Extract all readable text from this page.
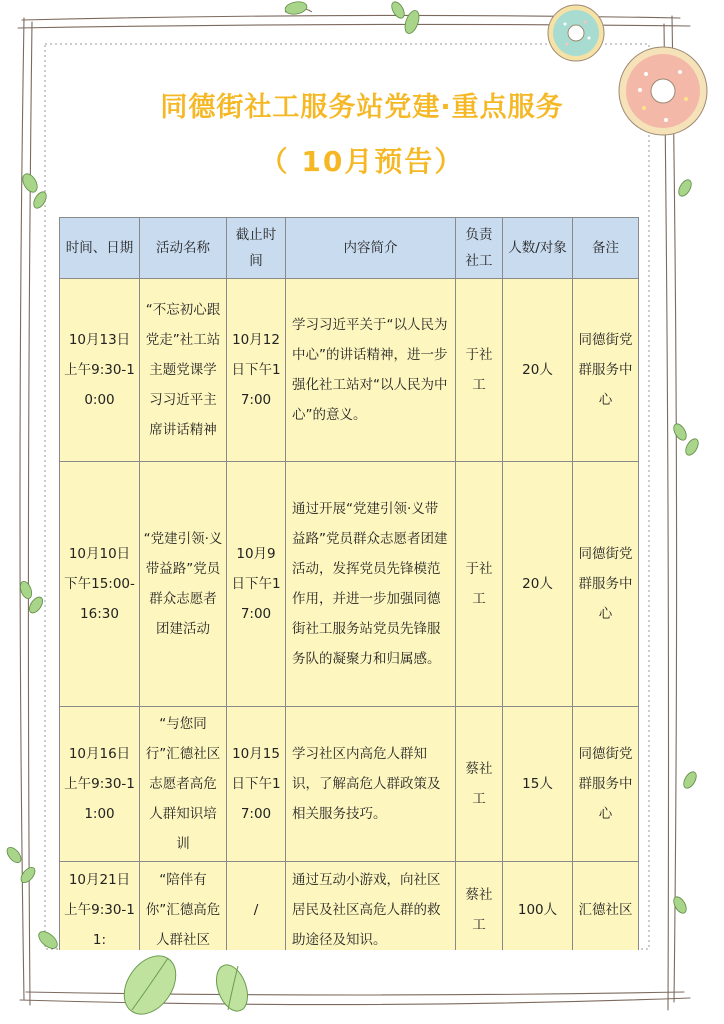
同德街社工服务站党建·重点服务
（ 10月预告）
时间、日期	活动名称	截止时间	内容简介	负责社工	人数/对象	备注
10月13日上午9:30-10:00	“不忘初心跟党走”社工站主题党课学习习近平主席讲话精神	10月12日下午17:00	学习习近平关于“以人民为中心”的讲话精神，进一步强化社工站对“以人民为中心”的意义。	于社工	20人	同德街党群服务中心
10月10日下午15:00-16:30	“党建引领·义带益路”党员群众志愿者团建活动	10月9日下午17:00	通过开展“党建引领·义带益路”党员群众志愿者团建活动，发挥党员先锋模范作用，并进一步加强同德街社工服务站党员先锋服务队的凝聚力和归属感。	于社工	20人	同德街党群服务中心
10月16日上午9:30-11:00	“与您同行”汇德社区志愿者高危人群知识培训	10月15日下午17:00	学习社区内高危人群知识，了解高危人群政策及相关服务技巧。	蔡社工	15人	同德街党群服务中心
10月21日上午9:30-11:	“陪伴有你”汇德高危人群社区	/	通过互动小游戏，向社区居民及社区高危人群的救助途径及知识。	蔡社工	100人	汇德社区
